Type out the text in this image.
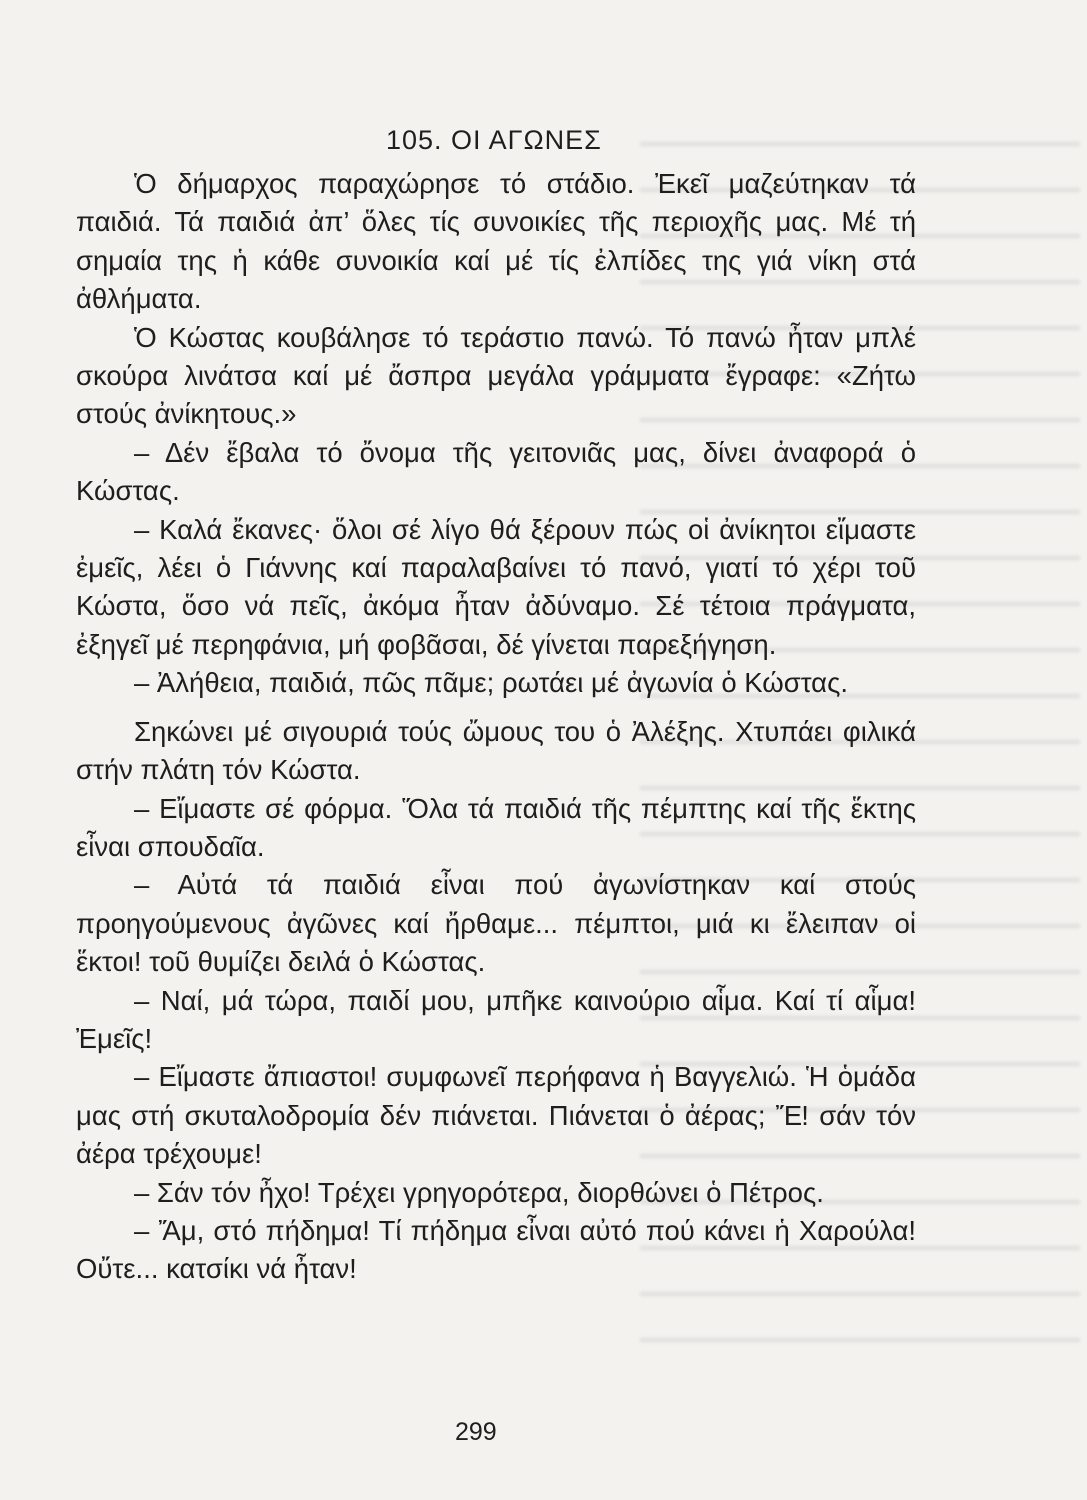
105. ΟΙ ΑΓΩΝΕΣ

Ὁ δήμαρχος παραχώρησε τό στάδιο. Ἐκεῖ μαζεύτηκαν τά παιδιά. Τά παιδιά ἀπ’ ὅλες τίς συνοικίες τῆς περιοχῆς μας. Μέ τή σημαία της ἡ κάθε συνοικία καί μέ τίς ἐλπίδες της γιά νίκη στά ἀθλήματα.

Ὁ Κώστας κουβάλησε τό τεράστιο πανώ. Τό πανώ ἦταν μπλέ σκούρα λινάτσα καί μέ ἄσπρα μεγάλα γράμματα ἔγραφε: «Ζήτω στούς ἀνίκητους.»

– Δέν ἔβαλα τό ὄνομα τῆς γειτονιᾶς μας, δίνει ἀναφορά ὁ Κώστας.

– Καλά ἔκανες· ὅλοι σέ λίγο θά ξέρουν πώς οἱ ἀνίκητοι εἴμαστε ἐμεῖς, λέει ὁ Γιάννης καί παραλαβαίνει τό πανό, γιατί τό χέρι τοῦ Κώστα, ὅσο νά πεῖς, ἀκόμα ἦταν ἀδύναμο. Σέ τέτοια πράγματα, ἐξηγεῖ μέ περηφάνια, μή φοβᾶσαι, δέ γίνεται παρεξήγηση.

– Ἀλήθεια, παιδιά, πῶς πᾶμε; ρωτάει μέ ἀγωνία ὁ Κώστας.

Σηκώνει μέ σιγουριά τούς ὤμους του ὁ Ἀλέξης. Χτυπάει φιλικά στήν πλάτη τόν Κώστα.

– Εἴμαστε σέ φόρμα. Ὅλα τά παιδιά τῆς πέμπτης καί τῆς ἕκτης εἶναι σπουδαῖα.

– Αὐτά τά παιδιά εἶναι πού ἀγωνίστηκαν καί στούς προηγούμενους ἀγῶνες καί ἤρθαμε... πέμπτοι, μιά κι ἔλειπαν οἱ ἕκτοι! τοῦ θυμίζει δειλά ὁ Κώστας.

– Ναί, μά τώρα, παιδί μου, μπῆκε καινούριο αἷμα. Καί τί αἷμα! Ἐμεῖς!

– Εἴμαστε ἄπιαστοι! συμφωνεῖ περήφανα ἡ Βαγγελιώ. Ἡ ὁμάδα μας στή σκυταλοδρομία δέν πιάνεται. Πιάνεται ὁ ἀέρας; Ἔ! σάν τόν ἀέρα τρέχουμε!

– Σάν τόν ἦχο! Τρέχει γρηγορότερα, διορθώνει ὁ Πέτρος.

– Ἄμ, στό πήδημα! Τί πήδημα εἶναι αὐτό πού κάνει ἡ Χαρούλα! Οὔτε... κατσίκι νά ἦταν!

299
